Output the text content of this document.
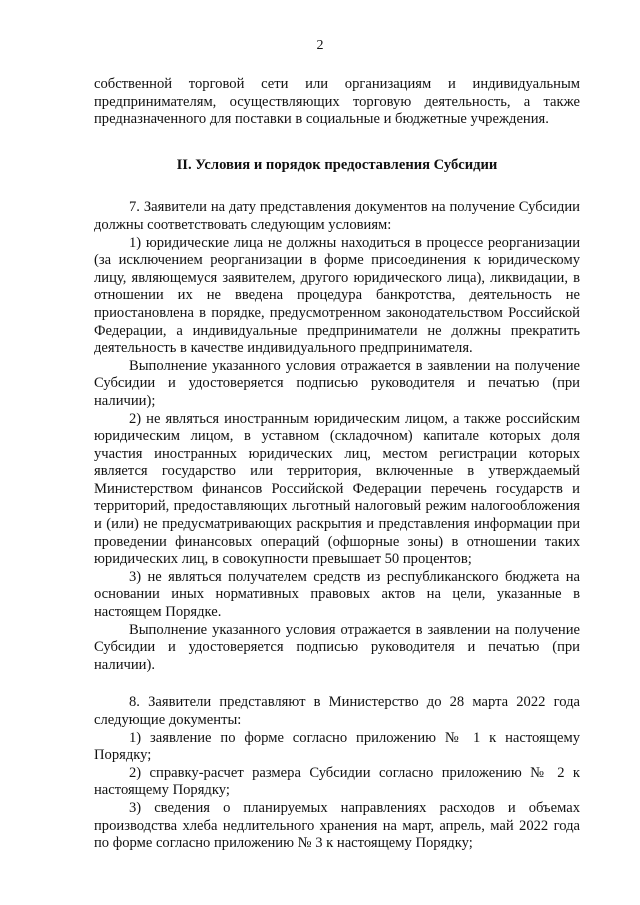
2

собственной торговой сети или организациям и индивидуальным предпринимателям, осуществляющих торговую деятельность, а также предназначенного для поставки в социальные и бюджетные учреждения.

II. Условия и порядок предоставления Субсидии

7. Заявители на дату представления документов на получение Субсидии должны соответствовать следующим условиям:

1) юридические лица не должны находиться в процессе реорганизации (за исключением реорганизации в форме присоединения к юридическому лицу, являющемуся заявителем, другого юридического лица), ликвидации, в отношении их не введена процедура банкротства, деятельность не приостановлена в порядке, предусмотренном законодательством Российской Федерации, а индивидуальные предприниматели не должны прекратить деятельность в качестве индивидуального предпринимателя.

Выполнение указанного условия отражается в заявлении на получение Субсидии и удостоверяется подписью руководителя и печатью (при наличии);

2) не являться иностранным юридическим лицом, а также российским юридическим лицом, в уставном (складочном) капитале которых доля участия иностранных юридических лиц, местом регистрации которых является государство или территория, включенные в утверждаемый Министерством финансов Российской Федерации перечень государств и территорий, предоставляющих льготный налоговый режим налогообложения и (или) не предусматривающих раскрытия и представления информации при проведении финансовых операций (офшорные зоны) в отношении таких юридических лиц, в совокупности превышает 50 процентов;

3) не являться получателем средств из республиканского бюджета на основании иных нормативных правовых актов на цели, указанные в настоящем Порядке.

Выполнение указанного условия отражается в заявлении на получение Субсидии и удостоверяется подписью руководителя и печатью (при наличии).

8. Заявители представляют в Министерство до 28 марта 2022 года следующие документы:

1) заявление по форме согласно приложению № 1 к настоящему Порядку;

2) справку-расчет размера Субсидии согласно приложению № 2 к настоящему Порядку;

3) сведения о планируемых направлениях расходов и объемах производства хлеба недлительного хранения на март, апрель, май 2022 года по форме согласно приложению № 3 к настоящему Порядку;
